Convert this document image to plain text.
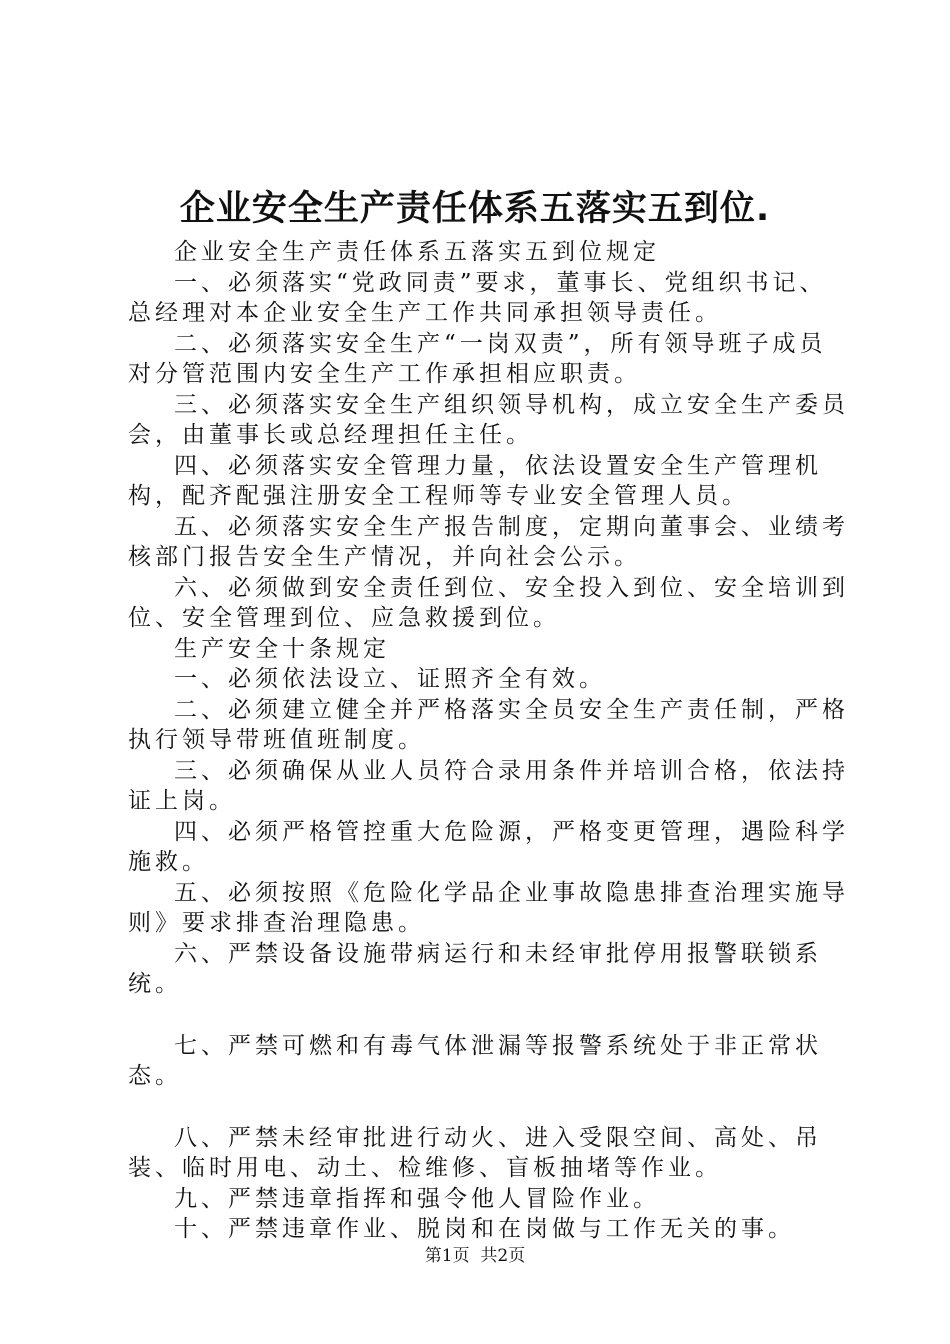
企业安全生产责任体系五落实五到位.

企业安全生产责任体系五落实五到位规定

一、必须落实“党政同责”要求，董事长、党组织书记、总经理对本企业安全生产工作共同承担领导责任。

二、必须落实安全生产“一岗双责”，所有领导班子成员对分管范围内安全生产工作承担相应职责。

三、必须落实安全生产组织领导机构，成立安全生产委员会，由董事长或总经理担任主任。

四、必须落实安全管理力量，依法设置安全生产管理机构，配齐配强注册安全工程师等专业安全管理人员。

五、必须落实安全生产报告制度，定期向董事会、业绩考核部门报告安全生产情况，并向社会公示。

六、必须做到安全责任到位、安全投入到位、安全培训到位、安全管理到位、应急救援到位。

生产安全十条规定

一、必须依法设立、证照齐全有效。

二、必须建立健全并严格落实全员安全生产责任制，严格执行领导带班值班制度。

三、必须确保从业人员符合录用条件并培训合格，依法持证上岗。

四、必须严格管控重大危险源，严格变更管理，遇险科学施救。

五、必须按照《危险化学品企业事故隐患排查治理实施导则》要求排查治理隐患。

六、严禁设备设施带病运行和未经审批停用报警联锁系统。

七、严禁可燃和有毒气体泄漏等报警系统处于非正常状态。

八、严禁未经审批进行动火、进入受限空间、高处、吊装、临时用电、动土、检维修、盲板抽堵等作业。

九、严禁违章指挥和强令他人冒险作业。

十、严禁违章作业、脱岗和在岗做与工作无关的事。

第1页  共2页
